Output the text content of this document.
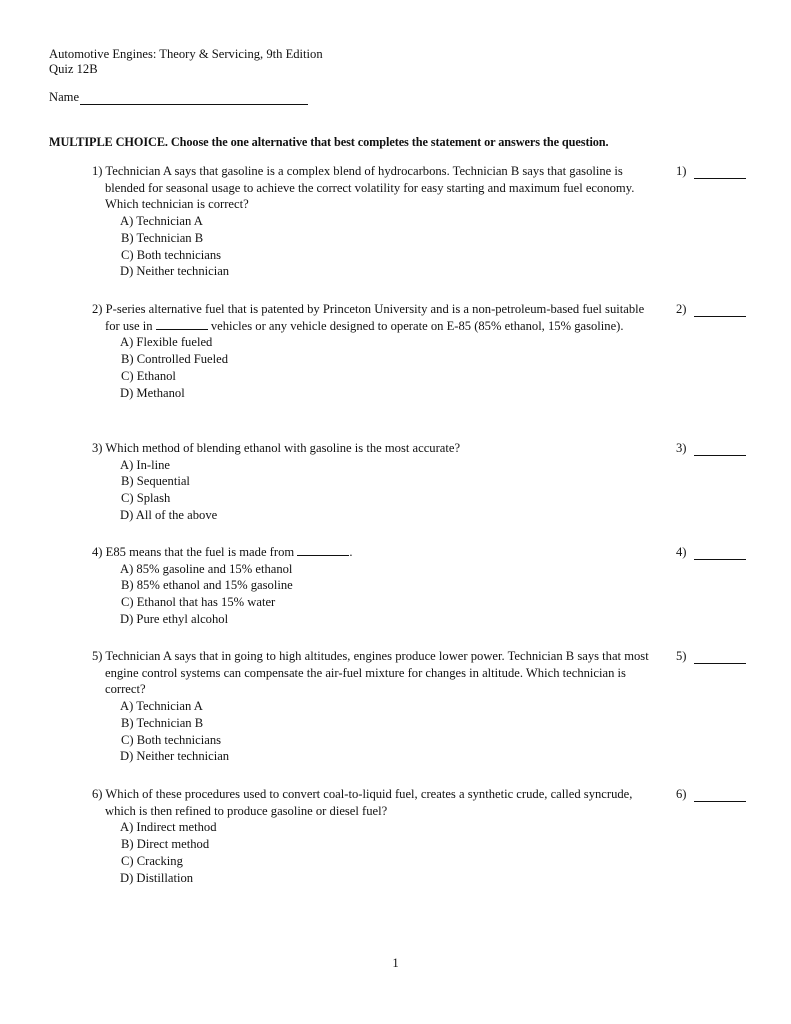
Automotive Engines: Theory & Servicing, 9th Edition
Quiz 12B
Name
MULTIPLE CHOICE. Choose the one alternative that best completes the statement or answers the question.
1) Technician A says that gasoline is a complex blend of hydrocarbons. Technician B says that gasoline is blended for seasonal usage to achieve the correct volatility for easy starting and maximum fuel economy. Which technician is correct?
A) Technician A
B) Technician B
C) Both technicians
D) Neither technician
1)
2) P-series alternative fuel that is patented by Princeton University and is a non-petroleum-based fuel suitable for use in	vehicles or any vehicle designed to operate on E-85 (85% ethanol, 15% gasoline).
A) Flexible fueled
B) Controlled Fueled
C) Ethanol
D) Methanol
2)
3) Which method of blending ethanol with gasoline is the most accurate?
A) In-line
B) Sequential
C) Splash
D) All of the above
3)
4) E85 means that the fuel is made from	.
A) 85% gasoline and 15% ethanol
B) 85% ethanol and 15% gasoline
C) Ethanol that has 15% water
D) Pure ethyl alcohol
4)
5) Technician A says that in going to high altitudes, engines produce lower power. Technician B says that most engine control systems can compensate the air-fuel mixture for changes in altitude. Which technician is correct?
A) Technician A
B) Technician B
C) Both technicians
D) Neither technician
5)
6) Which of these procedures used to convert coal-to-liquid fuel, creates a synthetic crude, called syncrude, which is then refined to produce gasoline or diesel fuel?
A) Indirect method
B) Direct method
C) Cracking
D) Distillation
6)
1
